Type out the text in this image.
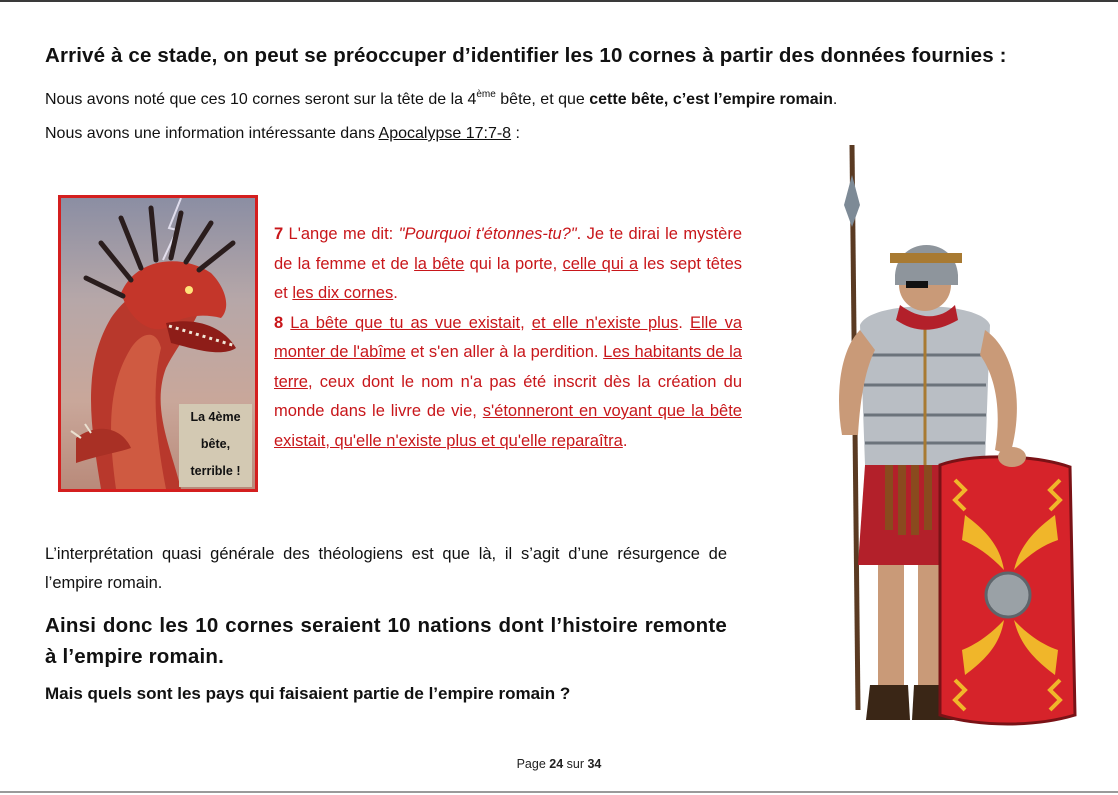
Arrivé à ce stade, on peut se préoccuper d’identifier les 10 cornes à partir des données fournies :
Nous avons noté que ces 10 cornes seront sur la tête de la 4ème bête, et que cette bête, c’est l’empire romain.
Nous avons une information intéressante dans Apocalypse 17:7-8 :
La 4ème
bête,
terrible !
7 L'ange me dit: "Pourquoi t'étonnes-tu?". Je te dirai le mystère de la femme et de la bête qui la porte, celle qui a les sept têtes et les dix cornes.
8 La bête que tu as vue existait, et elle n'existe plus. Elle va monter de l'abîme et s'en aller à la perdition. Les habitants de la terre, ceux dont le nom n'a pas été inscrit dès la création du monde dans le livre de vie, s'étonneront en voyant que la bête existait, qu'elle n'existe plus et qu'elle reparaîtra.
L’interprétation quasi générale des théologiens est que là, il s’agit d’une résurgence de l’empire romain.
Ainsi donc les 10 cornes seraient 10 nations dont l’histoire remonte à l’empire romain.
Mais quels sont les pays qui faisaient partie de l’empire romain ?
Page 24 sur 34
